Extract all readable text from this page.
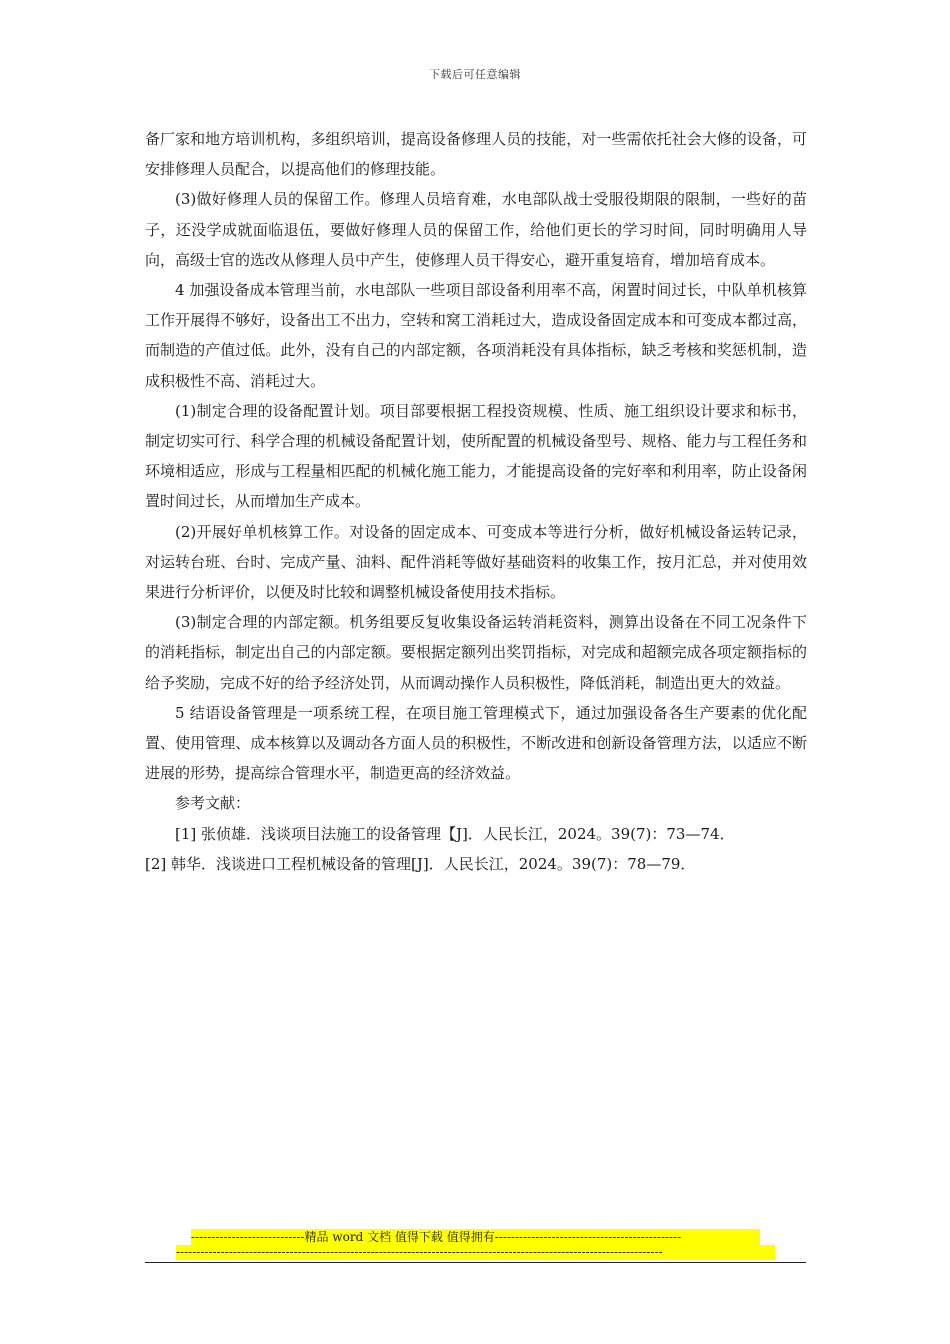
下载后可任意编辑

备厂家和地方培训机构，多组织培训，提高设备修理人员的技能，对一些需依托社会大修的设备，可安排修理人员配合，以提高他们的修理技能。

(3)做好修理人员的保留工作。修理人员培育难，水电部队战士受服役期限的限制，一些好的苗子，还没学成就面临退伍，要做好修理人员的保留工作，给他们更长的学习时间，同时明确用人导向，高级士官的选改从修理人员中产生，使修理人员干得安心，避开重复培育，增加培育成本。

4 加强设备成本管理当前，水电部队一些项目部设备利用率不高，闲置时间过长，中队单机核算工作开展得不够好，设备出工不出力，空转和窝工消耗过大，造成设备固定成本和可变成本都过高，而制造的产值过低。此外，没有自己的内部定额，各项消耗没有具体指标，缺乏考核和奖惩机制，造成积极性不高、消耗过大。

(1)制定合理的设备配置计划。项目部要根据工程投资规模、性质、施工组织设计要求和标书，制定切实可行、科学合理的机械设备配置计划，使所配置的机械设备型号、规格、能力与工程任务和环境相适应，形成与工程量相匹配的机械化施工能力，才能提高设备的完好率和利用率，防止设备闲置时间过长，从而增加生产成本。

(2)开展好单机核算工作。对设备的固定成本、可变成本等进行分析，做好机械设备运转记录，对运转台班、台时、完成产量、油料、配件消耗等做好基础资料的收集工作，按月汇总，并对使用效果进行分析评价，以便及时比较和调整机械设备使用技术指标。

(3)制定合理的内部定额。机务组要反复收集设备运转消耗资料，测算出设备在不同工况条件下的消耗指标，制定出自己的内部定额。要根据定额列出奖罚指标，对完成和超额完成各项定额指标的给予奖励，完成不好的给予经济处罚，从而调动操作人员积极性，降低消耗，制造出更大的效益。

5 结语设备管理是一项系统工程，在项目施工管理模式下，通过加强设备各生产要素的优化配置、使用管理、成本核算以及调动各方面人员的积极性，不断改进和创新设备管理方法，以适应不断进展的形势，提高综合管理水平，制造更高的经济效益。

参考文献：

[1] 张侦雄．浅谈项目法施工的设备管理【J]．人民长江，2024。39(7)：73—74．

[2] 韩华．浅谈进口工程机械设备的管理[J]．人民长江，2024。39(7)：78—79．

----------------------------精品 word 文档 值得下载 值得拥有----------------------------------------------
------------------------------------------------------------------------------------------------------------------------
